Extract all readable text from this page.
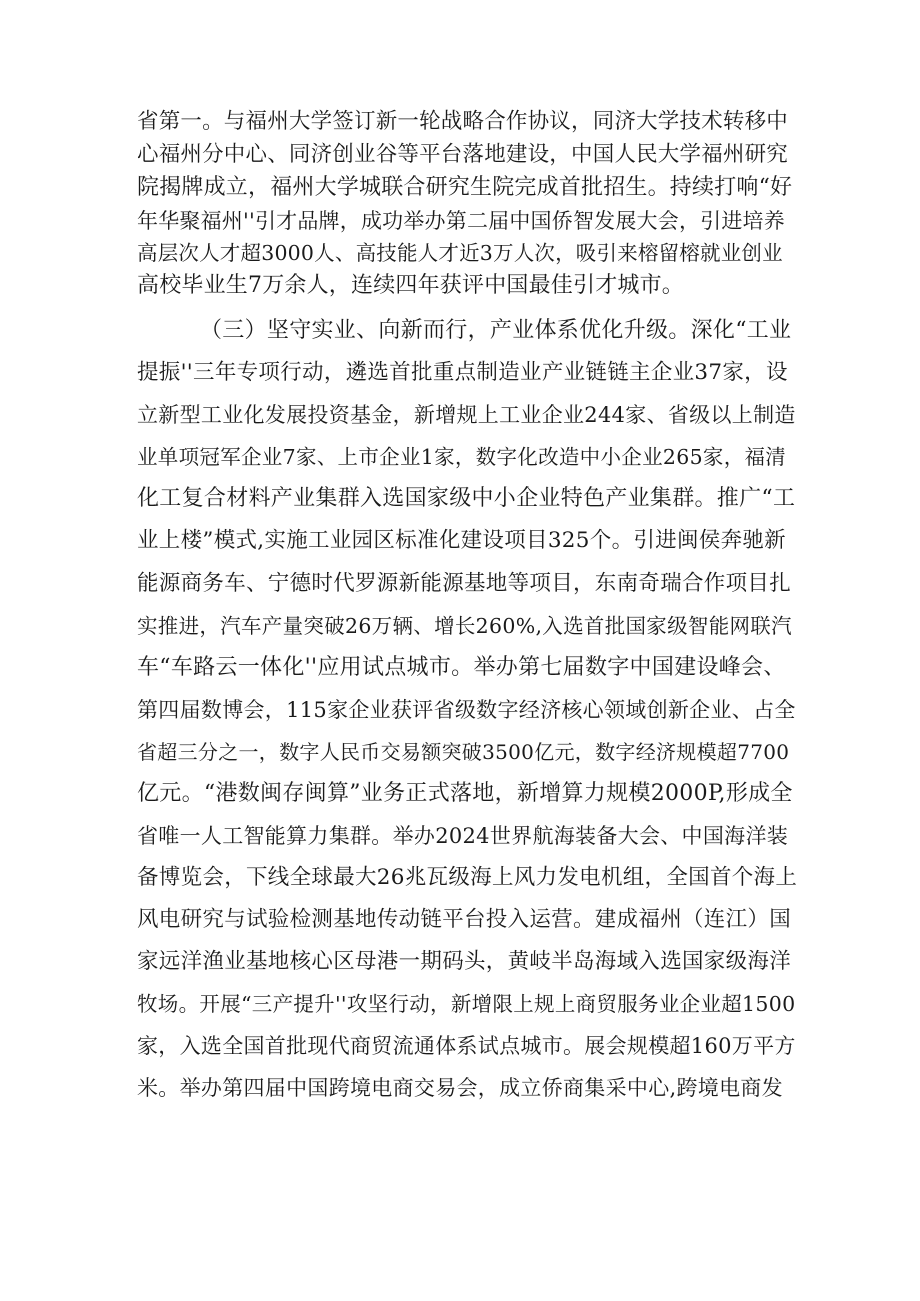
省第一。与福州大学签订新一轮战略合作协议，同济大学技术转移中
心福州分中心、同济创业谷等平台落地建设，中国人民大学福州研究
院揭牌成立，福州大学城联合研究生院完成首批招生。持续打响“好
年华聚福州''引才品牌，成功举办第二届中国侨智发展大会，引进培养
高层次人才超3000人、高技能人才近3万人次，吸引来榕留榕就业创业
高校毕业生7万余人，连续四年获评中国最佳引才城市。
（三）坚守实业、向新而行，产业体系优化升级。深化“工业
提振''三年专项行动，遴选首批重点制造业产业链链主企业37家，设
立新型工业化发展投资基金，新增规上工业企业244家、省级以上制造
业单项冠军企业7家、上市企业1家，数字化改造中小企业265家，福清
化工复合材料产业集群入选国家级中小企业特色产业集群。推广“工
业上楼”模式,实施工业园区标准化建设项目325个。引进闽侯奔驰新
能源商务车、宁德时代罗源新能源基地等项目，东南奇瑞合作项目扎
实推进，汽车产量突破26万辆、增长260%,入选首批国家级智能网联汽
车“车路云一体化''应用试点城市。举办第七届数字中国建设峰会、
第四届数博会，115家企业获评省级数字经济核心领域创新企业、占全
省超三分之一，数字人民币交易额突破3500亿元，数字经济规模超7700
亿元。“港数闽存闽算”业务正式落地，新增算力规模2000P,形成全
省唯一人工智能算力集群。举办2024世界航海装备大会、中国海洋装
备博览会，下线全球最大26兆瓦级海上风力发电机组，全国首个海上
风电研究与试验检测基地传动链平台投入运营。建成福州（连江）国
家远洋渔业基地核心区母港一期码头，黄岐半岛海域入选国家级海洋
牧场。开展“三产提升''攻坚行动，新增限上规上商贸服务业企业超1500
家，入选全国首批现代商贸流通体系试点城市。展会规模超160万平方
米。举办第四届中国跨境电商交易会，成立侨商集采中心,跨境电商发
